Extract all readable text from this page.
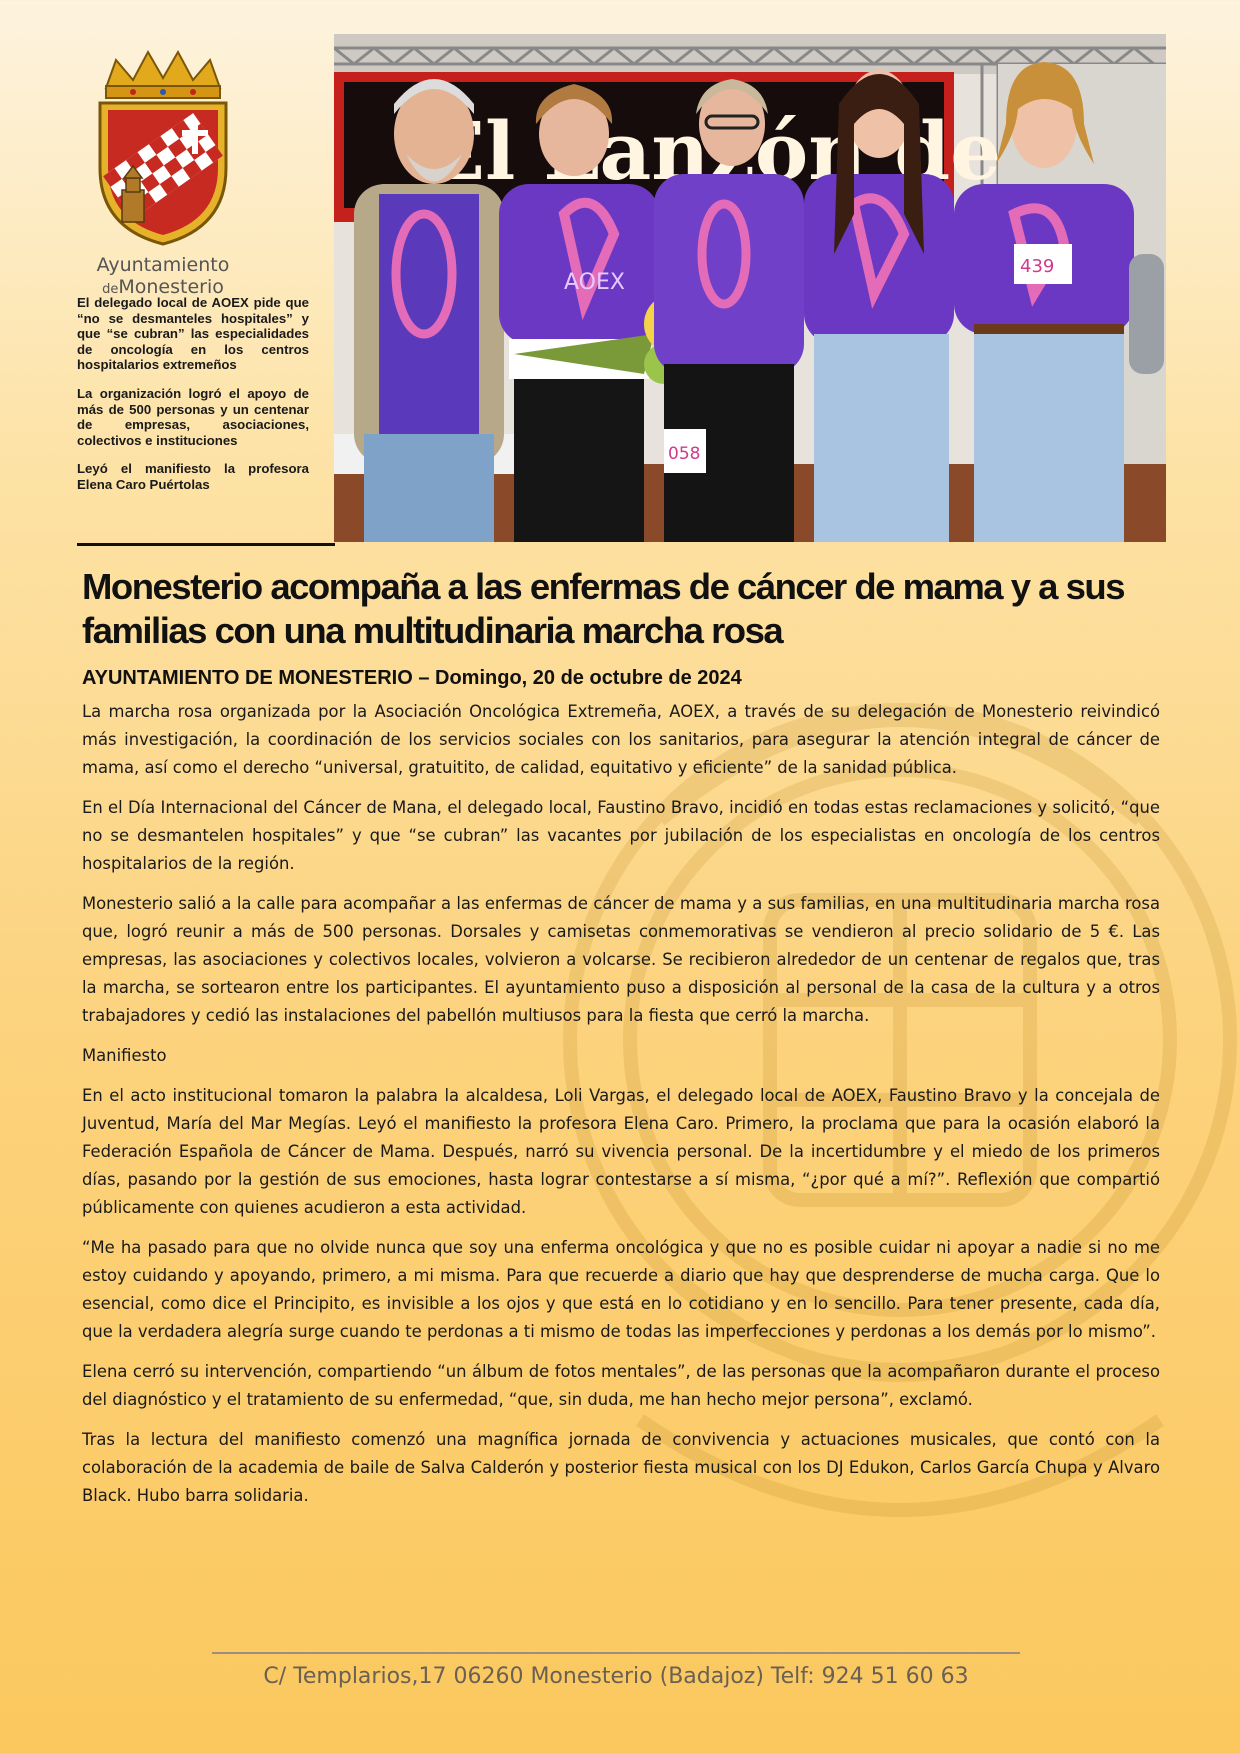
Ayuntamiento
deMonesterio

El delegado local de AOEX pide que “no se desmanteles hospitales” y que “se cubran” las especialidades de oncología en los centros hospitalarios extremeños

La organización logró el apoyo de más de 500 personas y un centenar de empresas, asociaciones, colectivos e instituciones

Leyó el manifiesto la profesora Elena Caro Puértolas

Lanzón de
AOEX
058
439
Monesterio acompaña a las enfermas de cáncer de mama y a sus familias con una multitudinaria marcha rosa
AYUNTAMIENTO DE MONESTERIO – Domingo, 20 de octubre de 2024

La marcha rosa organizada por la Asociación Oncológica Extremeña, AOEX, a través de su delegación de Monesterio reivindicó más investigación, la coordinación de los servicios sociales con los sanitarios, para asegurar la atención integral de cáncer de mama, así como el derecho “universal, gratuitito, de calidad, equitativo y eficiente” de la sanidad pública.

En el Día Internacional del Cáncer de Mana, el delegado local, Faustino Bravo, incidió en todas estas reclamaciones y solicitó, “que no se desmantelen hospitales” y que “se cubran” las vacantes por jubilación de los especialistas en oncología de los centros hospitalarios de la región.

Monesterio salió a la calle para acompañar a las enfermas de cáncer de mama y a sus familias, en una multitudinaria marcha rosa que, logró reunir a más de 500 personas. Dorsales y camisetas conmemorativas se vendieron al precio solidario de 5 €. Las empresas, las asociaciones y colectivos locales, volvieron a volcarse. Se recibieron alrededor de un centenar de regalos que, tras la marcha, se sortearon entre los participantes. El ayuntamiento puso a disposición al personal de la casa de la cultura y a otros trabajadores y cedió las instalaciones del pabellón multiusos para la fiesta que cerró la marcha.

Manifiesto

En el acto institucional tomaron la palabra la alcaldesa, Loli Vargas, el delegado local de AOEX, Faustino Bravo y la concejala de Juventud, María del Mar Megías. Leyó el manifiesto la profesora Elena Caro. Primero, la proclama que para la ocasión elaboró la Federación Española de Cáncer de Mama. Después, narró su vivencia personal. De la incertidumbre y el miedo de los primeros días, pasando por la gestión de sus emociones, hasta lograr contestarse a sí misma, “¿por qué a mí?”. Reflexión que compartió públicamente con quienes acudieron a esta actividad.

“Me ha pasado para que no olvide nunca que soy una enferma oncológica y que no es posible cuidar ni apoyar a nadie si no me estoy cuidando y apoyando, primero, a mi misma. Para que recuerde a diario que hay que desprenderse de mucha carga. Que lo esencial, como dice el Principito, es invisible a los ojos y que está en lo cotidiano y en lo sencillo. Para tener presente, cada día, que la verdadera alegría surge cuando te perdonas a ti mismo de todas las imperfecciones y perdonas a los demás por lo mismo”.

Elena cerró su intervención, compartiendo “un álbum de fotos mentales”, de las personas que la acompañaron durante el proceso del diagnóstico y el tratamiento de su enfermedad, “que, sin duda, me han hecho mejor persona”, exclamó.

Tras la lectura del manifiesto comenzó una magnífica jornada de convivencia y actuaciones musicales, que contó con la colaboración de la academia de baile de Salva Calderón y posterior fiesta musical con los DJ Edukon, Carlos García Chupa y Alvaro Black. Hubo barra solidaria.

C/ Templarios,17 06260 Monesterio (Badajoz) Telf: 924 51 60 63
